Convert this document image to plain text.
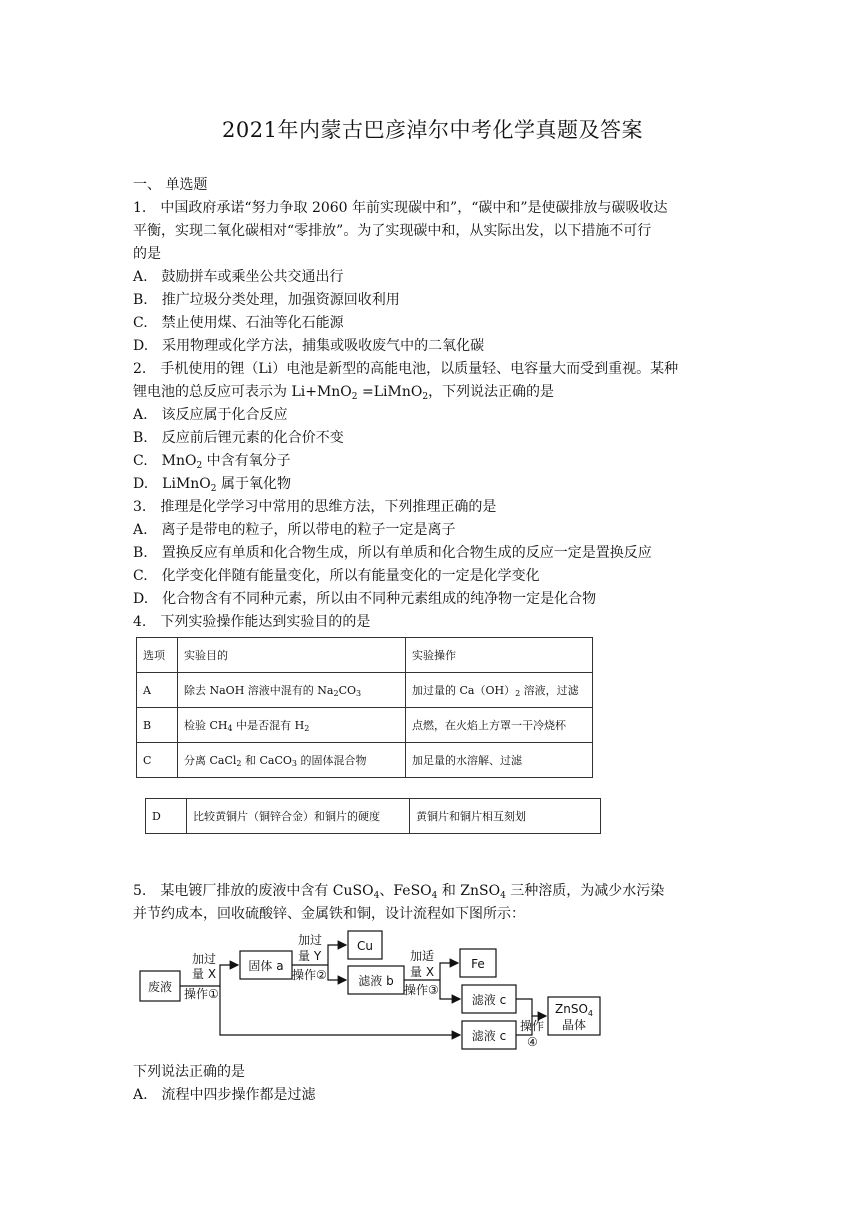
2021年内蒙古巴彦淖尔中考化学真题及答案
一、 单选题
1.　中国政府承诺“努力争取 2060 年前实现碳中和”，“碳中和”是使碳排放与碳吸收达
平衡，实现二氧化碳相对“零排放”。为了实现碳中和，从实际出发，以下措施不可行
的是
A.　鼓励拼车或乘坐公共交通出行
B.　推广垃圾分类处理，加强资源回收利用
C.　禁止使用煤、石油等化石能源
D.　采用物理或化学方法，捕集或吸收废气中的二氧化碳
2.　手机使用的锂（Li）电池是新型的高能电池，以质量轻、电容量大而受到重视。某种
锂电池的总反应可表示为 Li+MnO$_2$ =LiMnO$_2$，下列说法正确的是
A.　该反应属于化合反应
B.　反应前后锂元素的化合价不变
C.　MnO$_2$ 中含有氧分子
D.　LiMnO$_2$ 属于氧化物
3.　推理是化学学习中常用的思维方法，下列推理正确的是
A.　离子是带电的粒子，所以带电的粒子一定是离子
B.　置换反应有单质和化合物生成，所以有单质和化合物生成的反应一定是置换反应
C.　化学变化伴随有能量变化，所以有能量变化的一定是化学变化
D.　化合物含有不同种元素，所以由不同种元素组成的纯净物一定是化合物
4.　下列实验操作能达到实验目的的是
选项	实验目的	实验操作
A	除去 NaOH 溶液中混有的 Na2CO3	加过量的 Ca（OH）2 溶液，过滤
B	检验 CH4 中是否混有 H2	点燃，在火焰上方罩一干冷烧杯
C	分离 CaCl2 和 CaCO3 的固体混合物	加足量的水溶解、过滤
D	比较黄铜片（铜锌合金）和铜片的硬度	黄铜片和铜片相互刻划
5.　某电镀厂排放的废液中含有 CuSO$_4$、FeSO$_4$ 和 ZnSO$_4$ 三种溶质，为减少水污染
并节约成本，回收硫酸锌、金属铁和铜，设计流程如下图所示：
废液
固体 a
Cu
滤液 b
Fe
滤液 c
滤液 c
ZnSO$_4$
晶体
加过
量 X
操作①
加过
量 Y
操作②
加适
量 X
操作③
操作
④
下列说法正确的是
A.　流程中四步操作都是过滤
